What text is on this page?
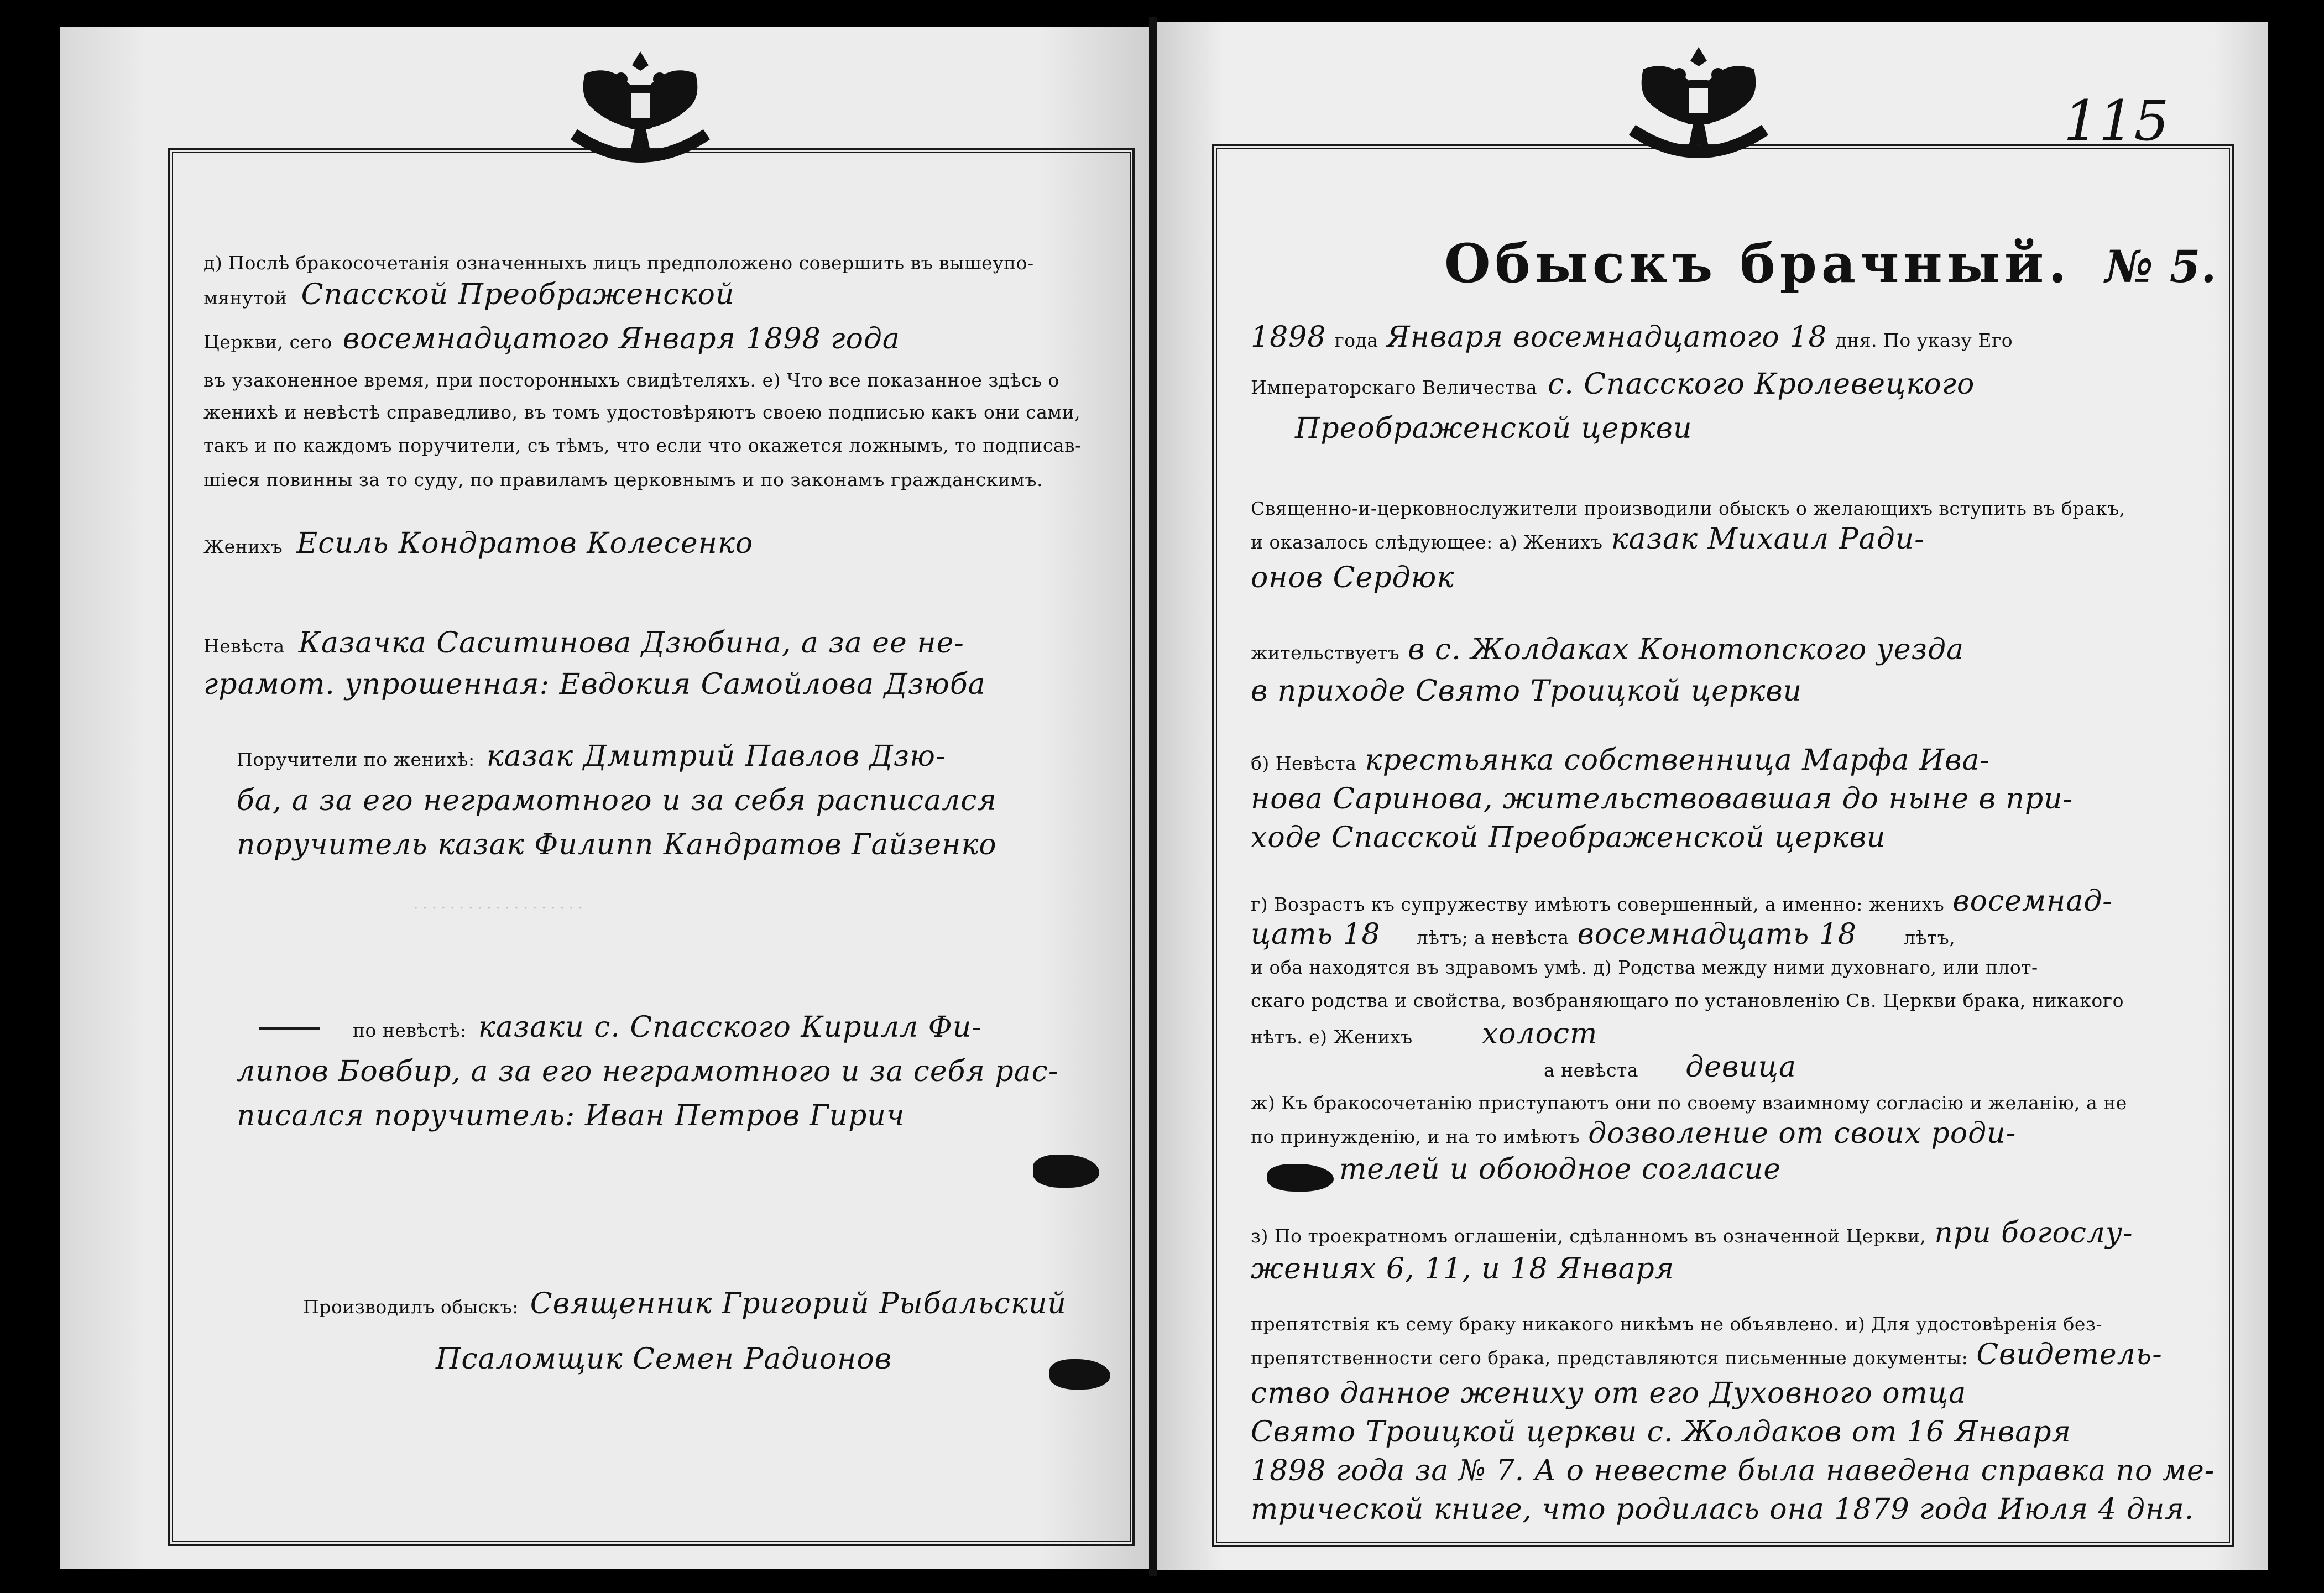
д) Послѣ бракосочетанія означенныхъ лицъ предположено совершить въ вышеупо-
мянутой Спасской Преображенской
Церкви, сего восемнадцатого Января 1898 года
въ узаконенное время, при посторонныхъ свидѣтеляхъ. е) Что все показанное здѣсь о
женихѣ и невѣстѣ справедливо, въ томъ удостовѣряютъ своею подписью какъ они сами,
такъ и по каждомъ поручители, съ тѣмъ, что если что окажется ложнымъ, то подписав-
шіеся повинны за то суду, по правиламъ церковнымъ и по законамъ гражданскимъ.
Женихъ Есиль Кондратов Колесенко
Невѣста Казачка Саситинова Дзюбина, а за ее не-
грамот. упрошенная: Евдокия Самойлова Дзюба
Поручители по женихѣ: казак Дмитрий Павлов Дзю-
ба, а за его неграмотного и за себя расписался
поручитель казак Филипп Кандратов Гайзенко
· · · · · · · · · · · · · · · · · · ·
по невѣстѣ: казаки с. Спасского Кирилл Фи-
липов Бовбир, а за его неграмотного и за себя рас-
писался поручитель: Иван Петров Гирич
Производилъ обыскъ: Священник Григорий Рыбальский
Псаломщик Семен Радионов
115
Обыскъ брачный. № 5.
1898 года Января восемнадцатого 18 дня. По указу Его
Императорскаго Величества с. Спасского Кролевецкого
Преображенской церкви
Священно-и-церковнослужители производили обыскъ о желающихъ вступить въ бракъ,
и оказалось слѣдующее: а) Женихъ казак Михаил Ради-
онов Сердюк
жительствуетъ в с. Жолдаках Конотопского уезда
в приходе Свято Троицкой церкви
б) Невѣста крестьянка собственница Марфа Ива-
нова Саринова, жительствовавшая до ныне в при-
ходе Спасской Преображенской церкви
г) Возрастъ къ супружеству имѣютъ совершенный, а именно: женихъ восемнад-
цать 18 лѣтъ; а невѣста восемнадцать 18	лѣтъ,
и оба находятся въ здравомъ умѣ. д) Родства между ними духовнаго, или плот-
скаго родства и свойства, возбраняющаго по установленію Св. Церкви брака, никакого
нѣтъ. е) Женихъ холост
а невѣста девица
ж) Къ бракосочетанію приступаютъ они по своему взаимному согласію и желанію, а не
по принужденію, и на то имѣютъ дозволение от своих роди-
телей и обоюдное согласие
з) По троекратномъ оглашеніи, сдѣланномъ въ означенной Церкви, при богослу-
жениях 6, 11, и 18 Января
препятствія къ сему браку никакого никѣмъ не объявлено. и) Для удостовѣренія без-
препятственности сего брака, представляются письменные документы: Свидетель-
ство данное жениху от его Духовного отца
Свято Троицкой церкви с. Жолдаков от 16 Января
1898 года за № 7. А о невесте была наведена справка по ме-
трической книге, что родилась она 1879 года Июля 4 дня.
